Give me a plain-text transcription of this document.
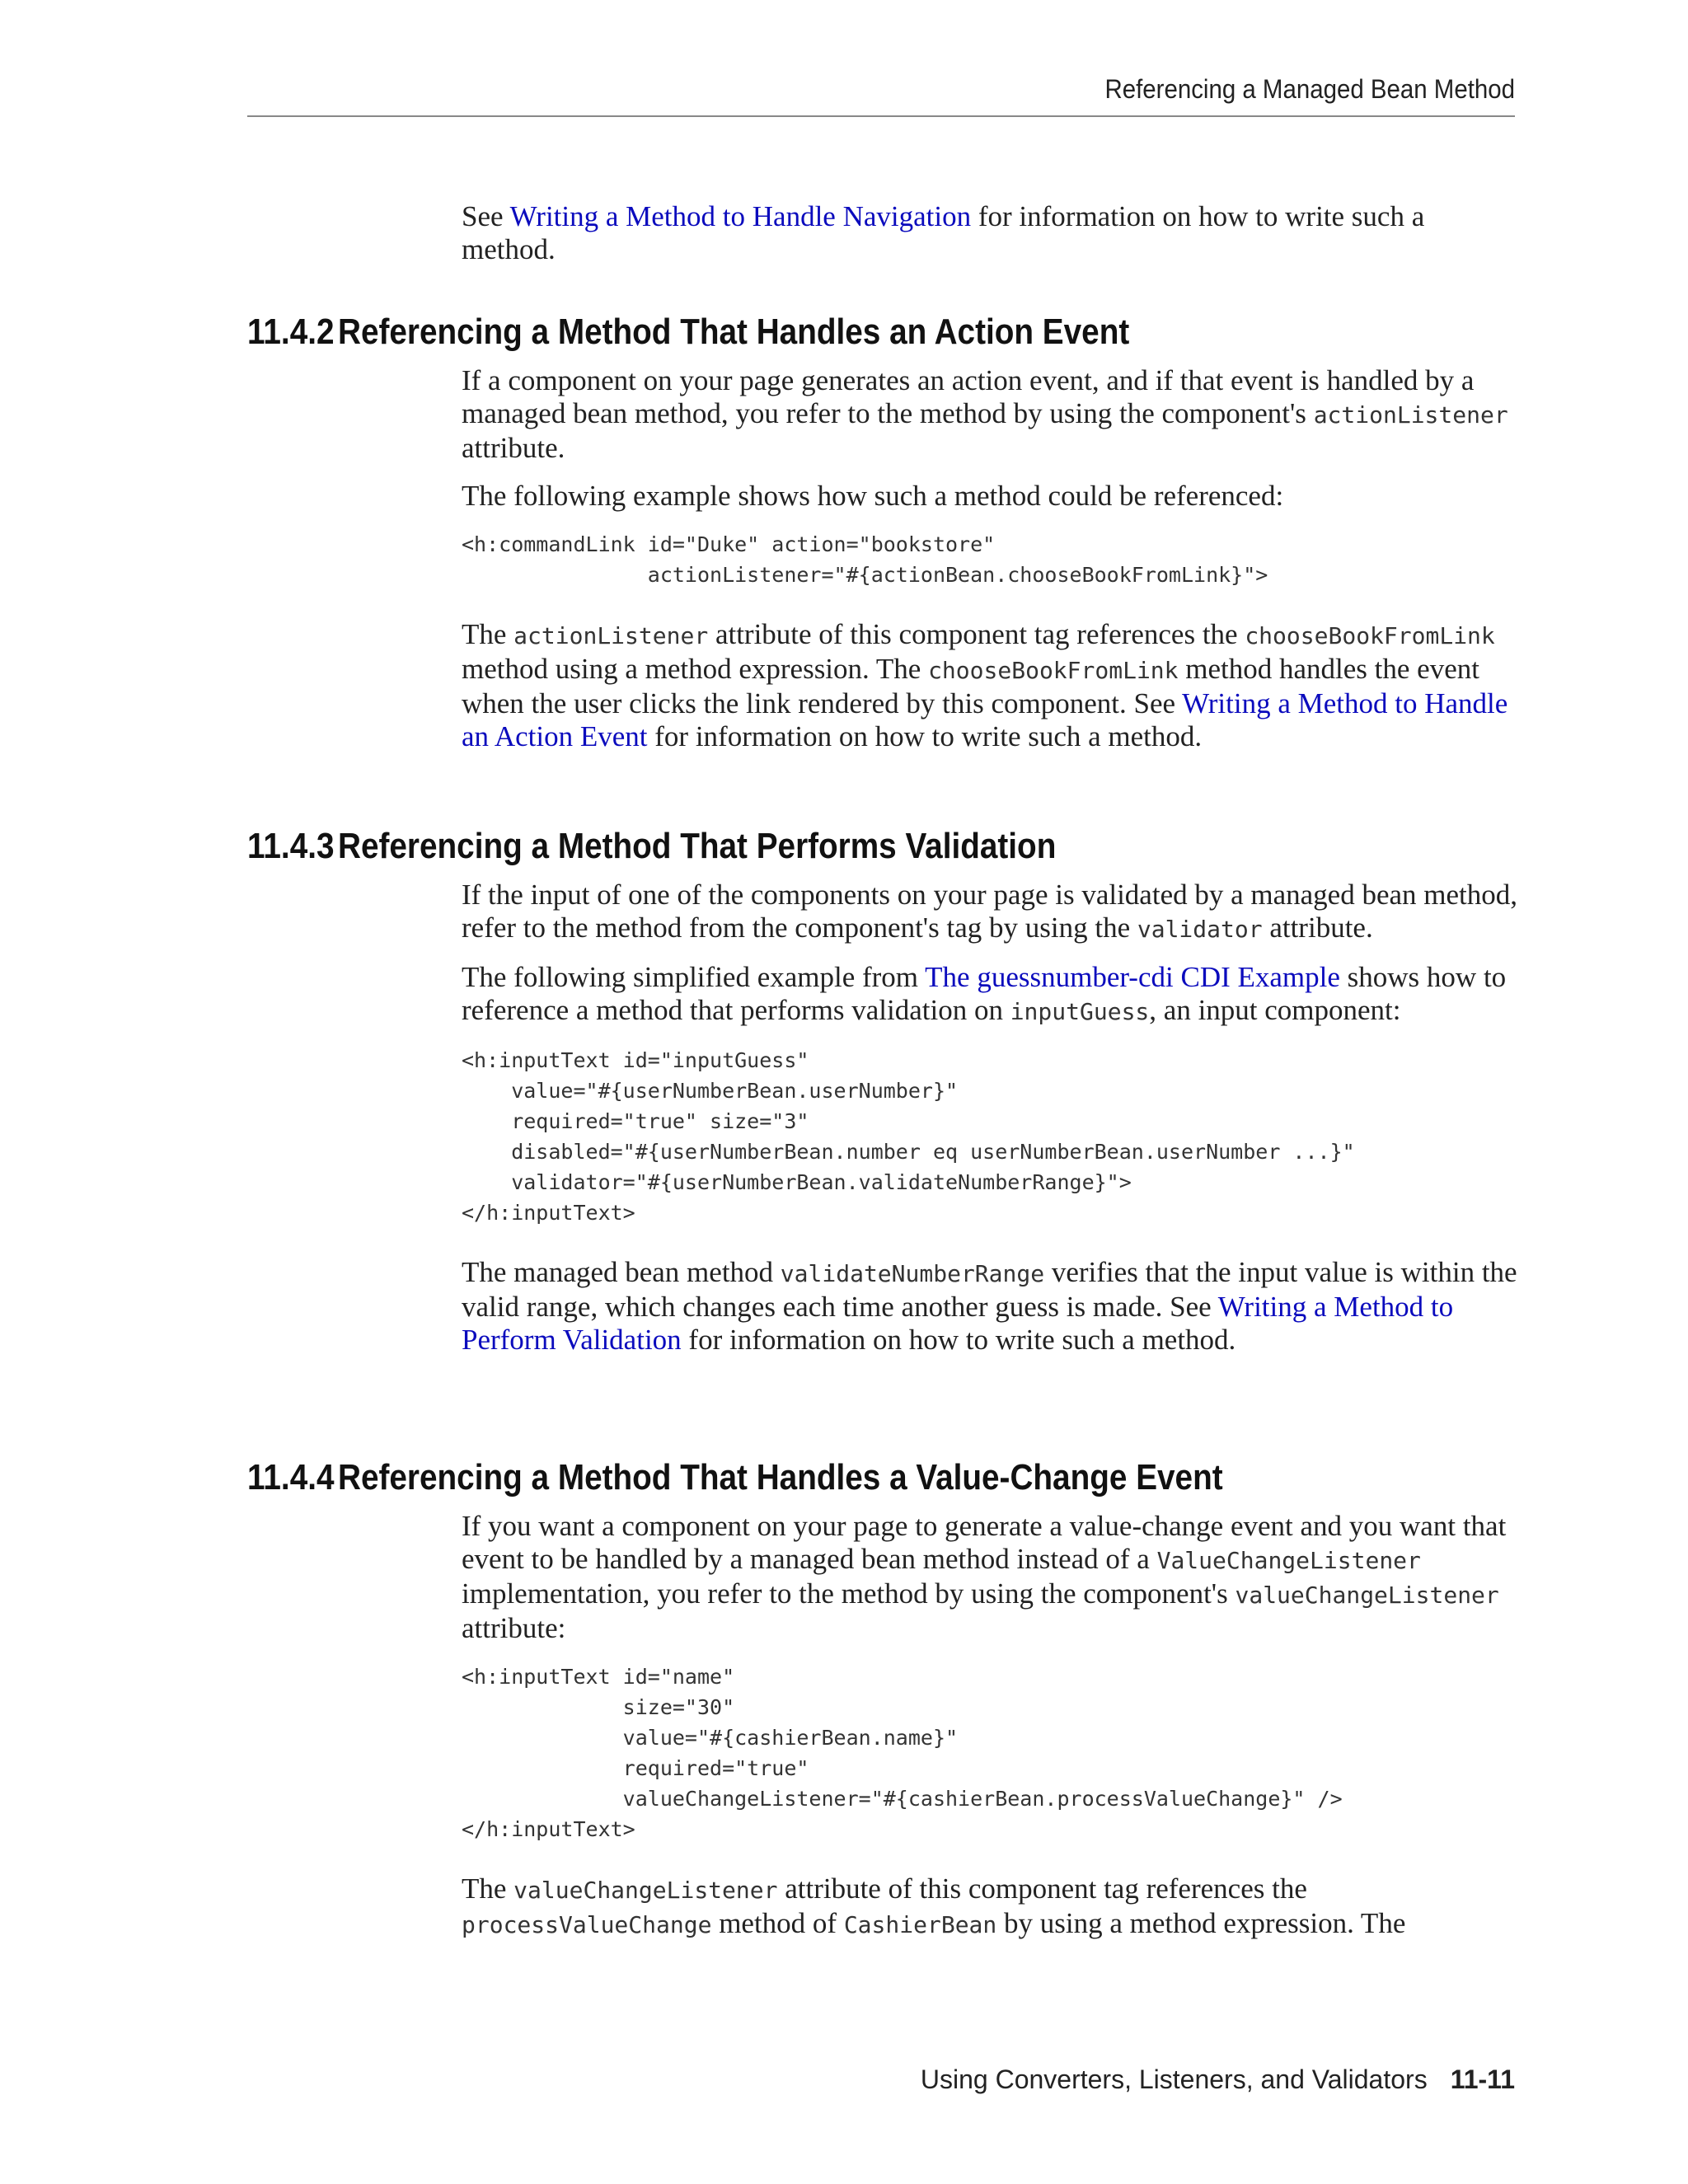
Referencing a Managed Bean Method

See Writing a Method to Handle Navigation for information on how to write such a method.

11.4.2 Referencing a Method That Handles an Action Event

If a component on your page generates an action event, and if that event is handled by a managed bean method, you refer to the method by using the component's actionListener attribute.

The following example shows how such a method could be referenced:

<h:commandLink id="Duke" action="bookstore"
actionListener="#{actionBean.chooseBookFromLink}">

The actionListener attribute of this component tag references the chooseBookFromLink method using a method expression. The chooseBookFromLink method handles the event when the user clicks the link rendered by this component. See Writing a Method to Handle an Action Event for information on how to write such a method.

11.4.3 Referencing a Method That Performs Validation

If the input of one of the components on your page is validated by a managed bean method, refer to the method from the component's tag by using the validator attribute.

The following simplified example from The guessnumber-cdi CDI Example shows how to reference a method that performs validation on inputGuess, an input component:

<h:inputText id="inputGuess"
value="#{userNumberBean.userNumber}"
required="true" size="3"
disabled="#{userNumberBean.number eq userNumberBean.userNumber ...}"
validator="#{userNumberBean.validateNumberRange}">
</h:inputText>

The managed bean method validateNumberRange verifies that the input value is within the valid range, which changes each time another guess is made. See Writing a Method to Perform Validation for information on how to write such a method.

11.4.4 Referencing a Method That Handles a Value-Change Event

If you want a component on your page to generate a value-change event and you want that event to be handled by a managed bean method instead of a ValueChangeListener implementation, you refer to the method by using the component's valueChangeListener attribute:

<h:inputText id="name"
size="30"
value="#{cashierBean.name}"
required="true"
valueChangeListener="#{cashierBean.processValueChange}" />
</h:inputText>

The valueChangeListener attribute of this component tag references the processValueChange method of CashierBean by using a method expression. The

Using Converters, Listeners, and Validators 11-11
